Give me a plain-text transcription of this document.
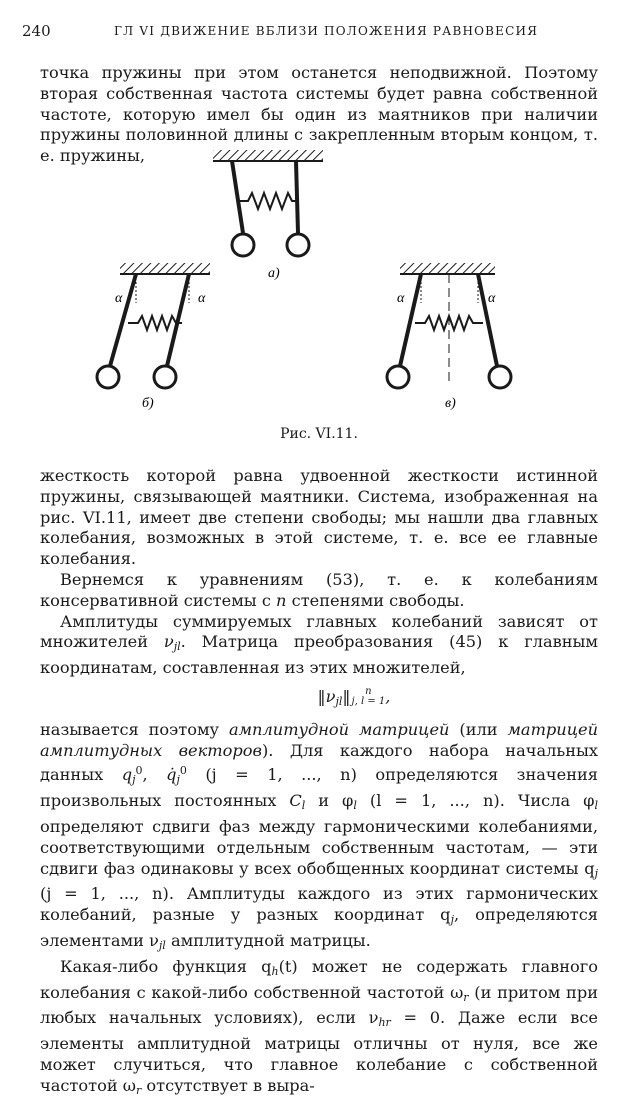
240	ГЛ VI ДВИЖЕНИЕ ВБЛИЗИ ПОЛОЖЕНИЯ РАВНОВЕСИЯ

точка пружины при этом останется неподвижной. Поэтому вторая собственная частота системы будет равна собственной частоте, которую имел бы один из маятников при наличии пружины половинной длины с закрепленным вторым концом, т. е. пружины,

а)
α	α
б)
α	α
в)
Рис. VI.11.

жесткость которой равна удвоенной жесткости истинной пружины, связывающей маятники. Система, изображенная на рис. VI.11, имеет две степени свободы; мы нашли два главных колебания, возможных в этой системе, т. е. все ее главные колебания.

Вернемся к уравнениям (53), т. е. к колебаниям консервативной системы с n степенями свободы.

Амплитуды суммируемых главных колебаний зависят от множителей $\nu_{jl}$. Матрица преобразования (45) к главным координатам, составленная из этих множителей,

$‖\nu_{jl}‖$	n
j, l = 1 ,

называется поэтому амплитудной матрицей (или матрицей амплитудных векторов). Для каждого набора начальных данных $q_j^0$, $q̇_j^0$ (j = 1, ..., n) определяются значения произвольных постоянных $C_l$ и $\varphi_l$ (l = 1, ..., n). Числа $\varphi_l$ определяют сдвиги фаз между гармоническими колебаниями, соответствующими отдельным собственным частотам, — эти сдвиги фаз одинаковы у всех обобщенных координат системы $q_j$ (j = 1, ..., n). Амплитуды каждого из этих гармонических колебаний, разные у разных координат $q_j$, определяются элементами $\nu_{jl}$ амплитудной матрицы.

Какая-либо функция $q_h(t)$ может не содержать главного колебания с какой-либо собственной частотой $\omega_r$ (и притом при любых начальных условиях), если $\nu_{hr} = 0$. Даже если все элементы амплитудной матрицы отличны от нуля, все же может случиться, что главное колебание с собственной частотой $\omega_r$ отсутствует в выра-
